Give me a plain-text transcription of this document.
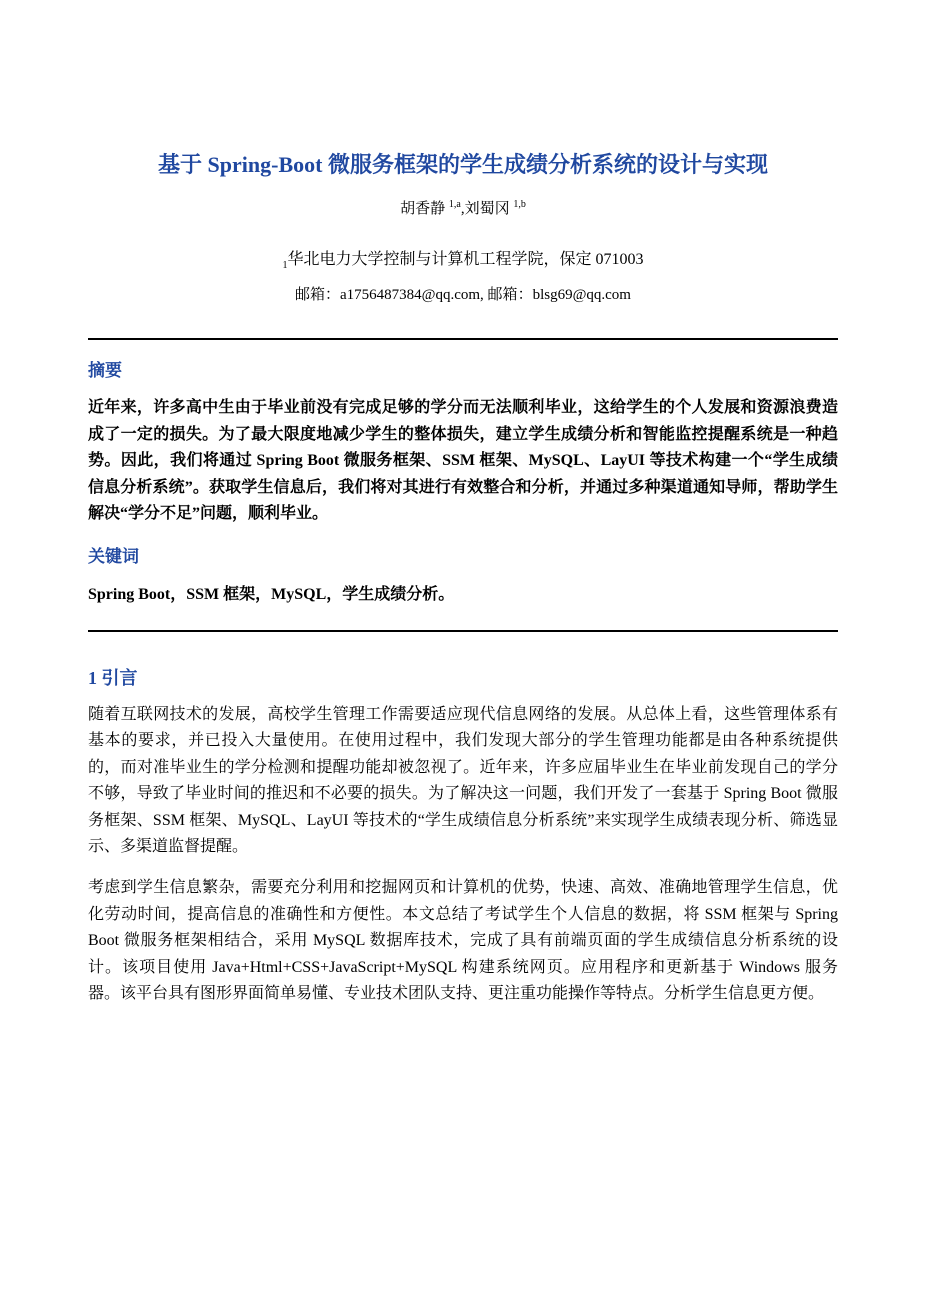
基于 Spring-Boot 微服务框架的学生成绩分析系统的设计与实现
胡香静 $^{1,a}$,刘蜀冈 $^{1,b}$
$_1$华北电力大学控制与计算机工程学院，保定 071003
邮箱：a1756487384@qq.com, 邮箱：blsg69@qq.com
摘要

近年来，许多高中生由于毕业前没有完成足够的学分而无法顺利毕业，这给学生的个人发展和资源浪费造成了一定的损失。为了最大限度地减少学生的整体损失，建立学生成绩分析和智能监控提醒系统是一种趋势。因此，我们将通过 Spring Boot 微服务框架、SSM 框架、MySQL、LayUI 等技术构建一个“学生成绩信息分析系统”。获取学生信息后，我们将对其进行有效整合和分析，并通过多种渠道通知导师，帮助学生解决“学分不足”问题，顺利毕业。

关键词

Spring Boot，SSM 框架，MySQL，学生成绩分析。

1 引言

随着互联网技术的发展，高校学生管理工作需要适应现代信息网络的发展。从总体上看，这些管理体系有基本的要求，并已投入大量使用。在使用过程中，我们发现大部分的学生管理功能都是由各种系统提供的，而对准毕业生的学分检测和提醒功能却被忽视了。近年来，许多应届毕业生在毕业前发现自己的学分不够，导致了毕业时间的推迟和不必要的损失。为了解决这一问题，我们开发了一套基于 Spring Boot 微服务框架、SSM 框架、MySQL、LayUI 等技术的“学生成绩信息分析系统”来实现学生成绩表现分析、筛选显示、多渠道监督提醒。

考虑到学生信息繁杂，需要充分利用和挖掘网页和计算机的优势，快速、高效、准确地管理学生信息，优化劳动时间，提高信息的准确性和方便性。本文总结了考试学生个人信息的数据，将 SSM 框架与 Spring Boot 微服务框架相结合，采用 MySQL 数据库技术，完成了具有前端页面的学生成绩信息分析系统的设计。该项目使用 Java+Html+CSS+JavaScript+MySQL 构建系统网页。应用程序和更新基于 Windows 服务器。该平台具有图形界面简单易懂、专业技术团队支持、更注重功能操作等特点。分析学生信息更方便。
